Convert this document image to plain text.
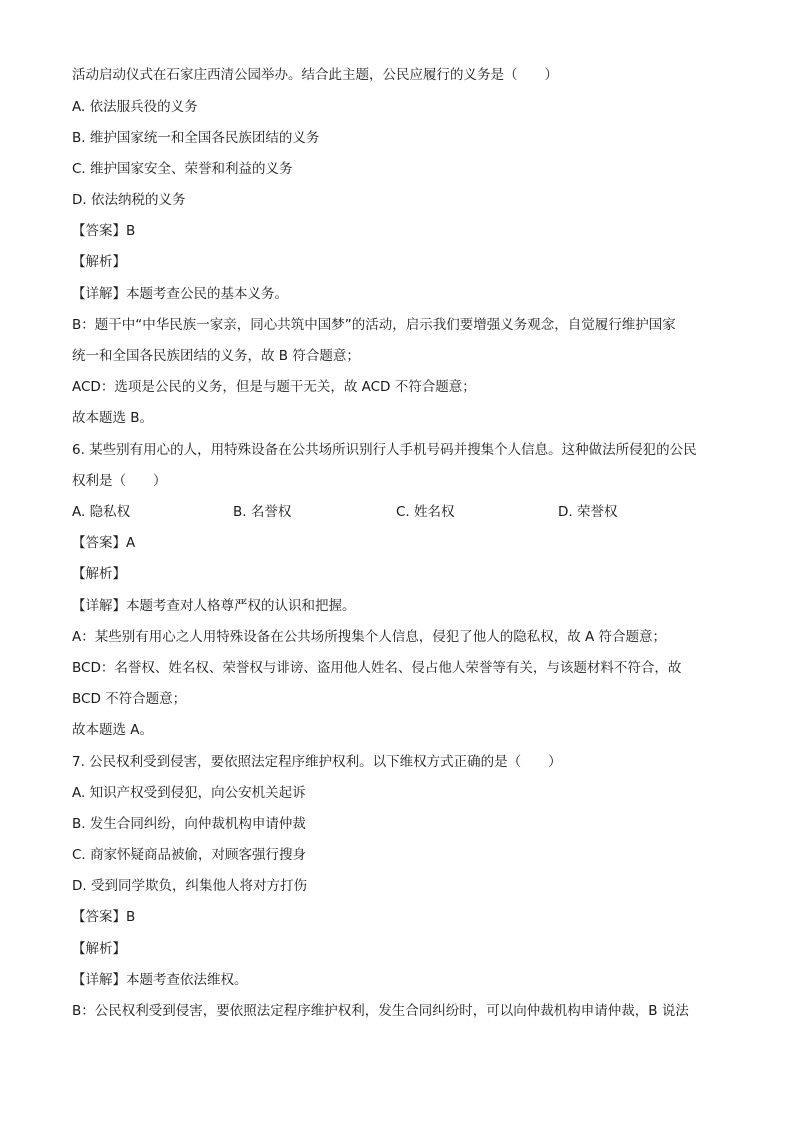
活动启动仪式在石家庄西清公园举办。结合此主题，公民应履行的义务是（　　）
A. 依法服兵役的义务
B. 维护国家统一和全国各民族团结的义务
C. 维护国家安全、荣誉和利益的义务
D. 依法纳税的义务
【答案】B
【解析】
【详解】本题考查公民的基本义务。
B：题干中“中华民族一家亲，同心共筑中国梦”的活动，启示我们要增强义务观念，自觉履行维护国家
统一和全国各民族团结的义务，故 B 符合题意；
ACD：选项是公民的义务，但是与题干无关，故 ACD 不符合题意；
故本题选 B。
6. 某些别有用心的人，用特殊设备在公共场所识别行人手机号码并搜集个人信息。这种做法所侵犯的公民
权利是（　　）
A. 隐私权	B. 名誉权	C. 姓名权	D. 荣誉权
【答案】A
【解析】
【详解】本题考查对人格尊严权的认识和把握。
A：某些别有用心之人用特殊设备在公共场所搜集个人信息，侵犯了他人的隐私权，故 A 符合题意；
BCD：名誉权、姓名权、荣誉权与诽谤、盗用他人姓名、侵占他人荣誉等有关，与该题材料不符合，故
BCD 不符合题意；
故本题选 A。
7. 公民权利受到侵害，要依照法定程序维护权利。以下维权方式正确的是（　　）
A. 知识产权受到侵犯，向公安机关起诉
B. 发生合同纠纷，向仲裁机构申请仲裁
C. 商家怀疑商品被偷，对顾客强行搜身
D. 受到同学欺负，纠集他人将对方打伤
【答案】B
【解析】
【详解】本题考查依法维权。
B：公民权利受到侵害，要依照法定程序维护权利，发生合同纠纷时，可以向仲裁机构申请仲裁，B 说法
